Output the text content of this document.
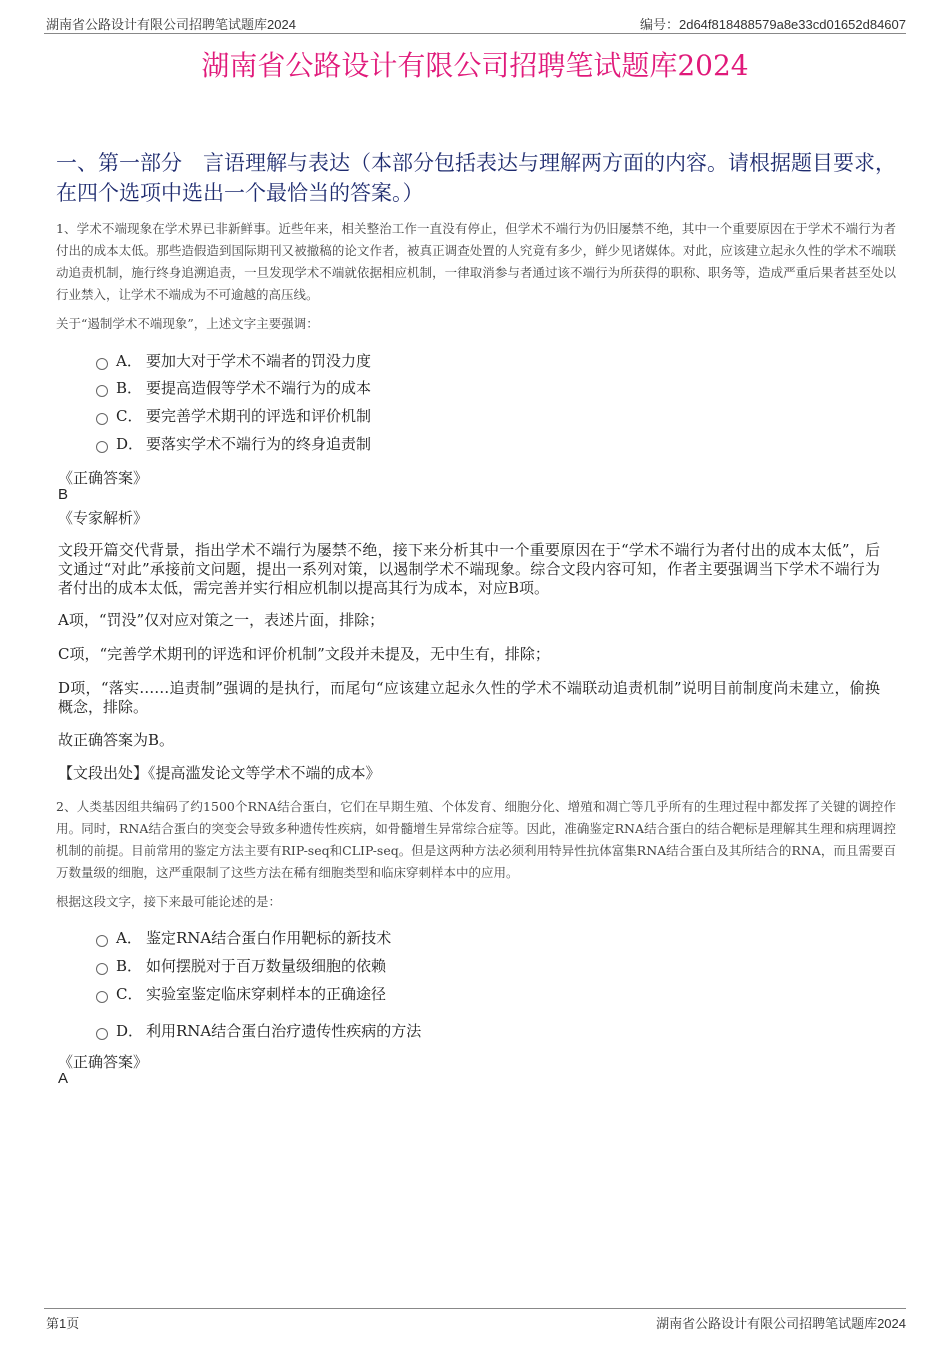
湖南省公路设计有限公司招聘笔试题库2024	编号：2d64f818488579a8e33cd01652d84607
湖南省公路设计有限公司招聘笔试题库2024
一、第一部分　言语理解与表达（本部分包括表达与理解两方面的内容。请根据题目要求，在四个选项中选出一个最恰当的答案。）
1、学术不端现象在学术界已非新鲜事。近些年来，相关整治工作一直没有停止，但学术不端行为仍旧屡禁不绝，其中一个重要原因在于学术不端行为者付出的成本太低。那些造假造到国际期刊又被撤稿的论文作者，被真正调查处置的人究竟有多少，鲜少见诸媒体。对此，应该建立起永久性的学术不端联动追责机制，施行终身追溯追责，一旦发现学术不端就依据相应机制，一律取消参与者通过该不端行为所获得的职称、职务等，造成严重后果者甚至处以行业禁入，让学术不端成为不可逾越的高压线。
关于“遏制学术不端现象”，上述文字主要强调：
A． 要加大对于学术不端者的罚没力度
B． 要提高造假等学术不端行为的成本
C． 要完善学术期刊的评选和评价机制
D． 要落实学术不端行为的终身追责制
《正确答案》
B
《专家解析》
文段开篇交代背景，指出学术不端行为屡禁不绝，接下来分析其中一个重要原因在于“学术不端行为者付出的成本太低”，后文通过“对此”承接前文问题，提出一系列对策，以遏制学术不端现象。综合文段内容可知，作者主要强调当下学术不端行为者付出的成本太低，需完善并实行相应机制以提高其行为成本，对应B项。
A项，“罚没”仅对应对策之一，表述片面，排除；
C项，“完善学术期刊的评选和评价机制”文段并未提及，无中生有，排除；
D项，“落实……追责制”强调的是执行，而尾句“应该建立起永久性的学术不端联动追责机制”说明目前制度尚未建立，偷换概念，排除。
故正确答案为B。
【文段出处】《提高滥发论文等学术不端的成本》
2、人类基因组共编码了约1500个RNA结合蛋白，它们在早期生殖、个体发育、细胞分化、增殖和凋亡等几乎所有的生理过程中都发挥了关键的调控作用。同时，RNA结合蛋白的突变会导致多种遗传性疾病，如骨髓增生异常综合症等。因此，准确鉴定RNA结合蛋白的结合靶标是理解其生理和病理调控机制的前提。目前常用的鉴定方法主要有RIP-seq和CLIP-seq。但是这两种方法必须利用特异性抗体富集RNA结合蛋白及其所结合的RNA，而且需要百万数量级的细胞，这严重限制了这些方法在稀有细胞类型和临床穿刺样本中的应用。
根据这段文字，接下来最可能论述的是：
A． 鉴定RNA结合蛋白作用靶标的新技术
B． 如何摆脱对于百万数量级细胞的依赖
C． 实验室鉴定临床穿刺样本的正确途径
D． 利用RNA结合蛋白治疗遗传性疾病的方法
《正确答案》
A
第1页	湖南省公路设计有限公司招聘笔试题库2024
